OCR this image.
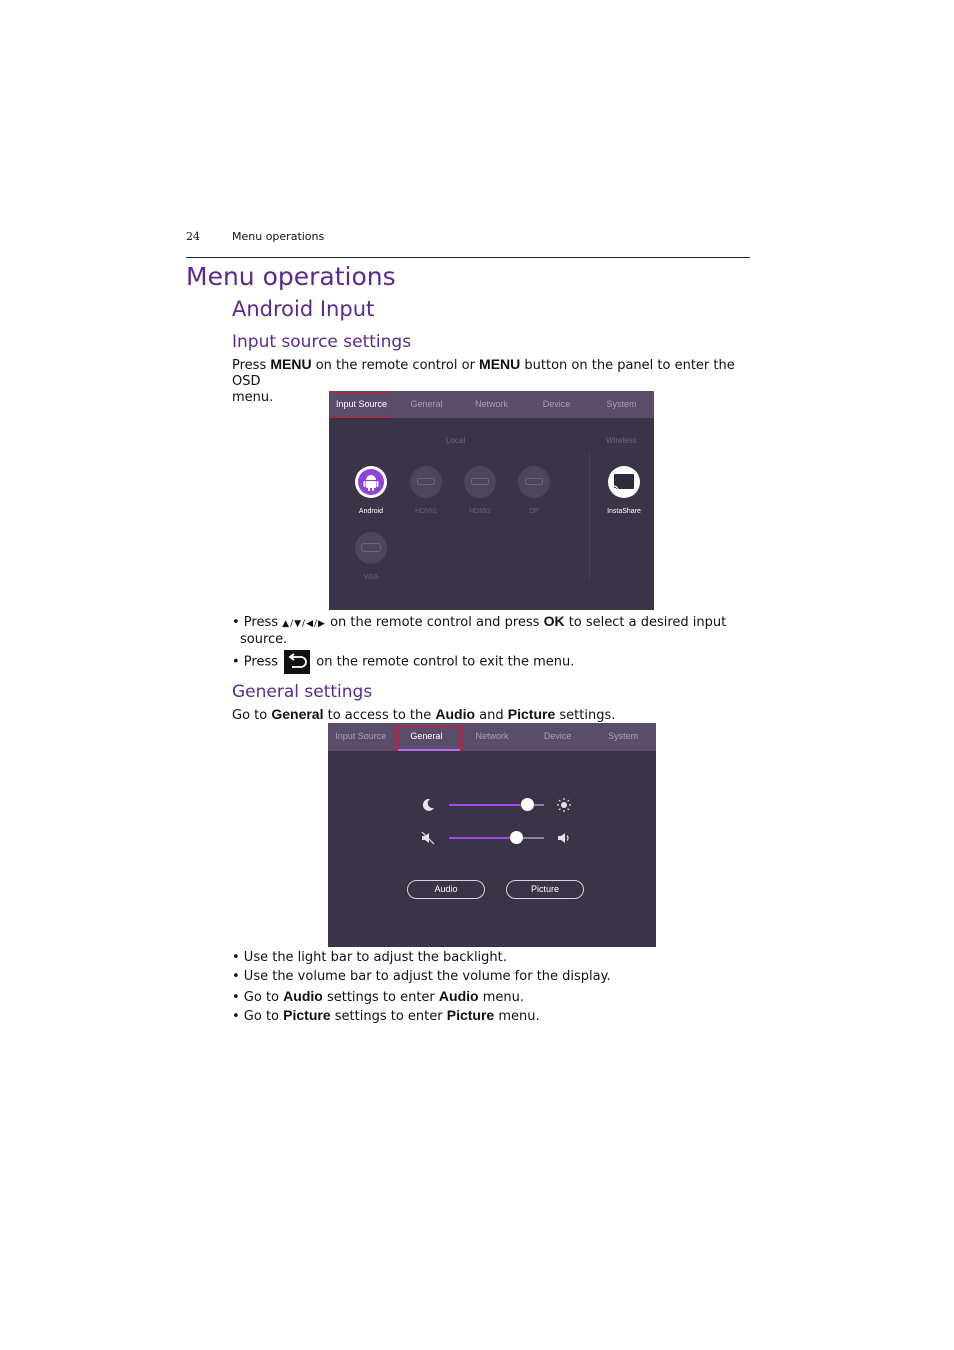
24	Menu operations
Menu operations
Android Input
Input source settings
Press MENU on the remote control or MENU button on the panel to enter the OSD
menu.	Input Source	General	Network	Device	System
Local	Wireless
Android	HDMI1	HDMI2	DP	InstaShare
VGA
• Press ▲/▼/◀/▶ on the remote control and press OK to select a desired input
source.
• Press  on the remote control to exit the menu.
General settings
Go to General to access to the Audio and Picture settings.
Input Source	General	Network	Device	System
Audio	Picture
• Use the light bar to adjust the backlight.
• Use the volume bar to adjust the volume for the display.
• Go to Audio settings to enter Audio menu.
• Go to Picture settings to enter Picture menu.
